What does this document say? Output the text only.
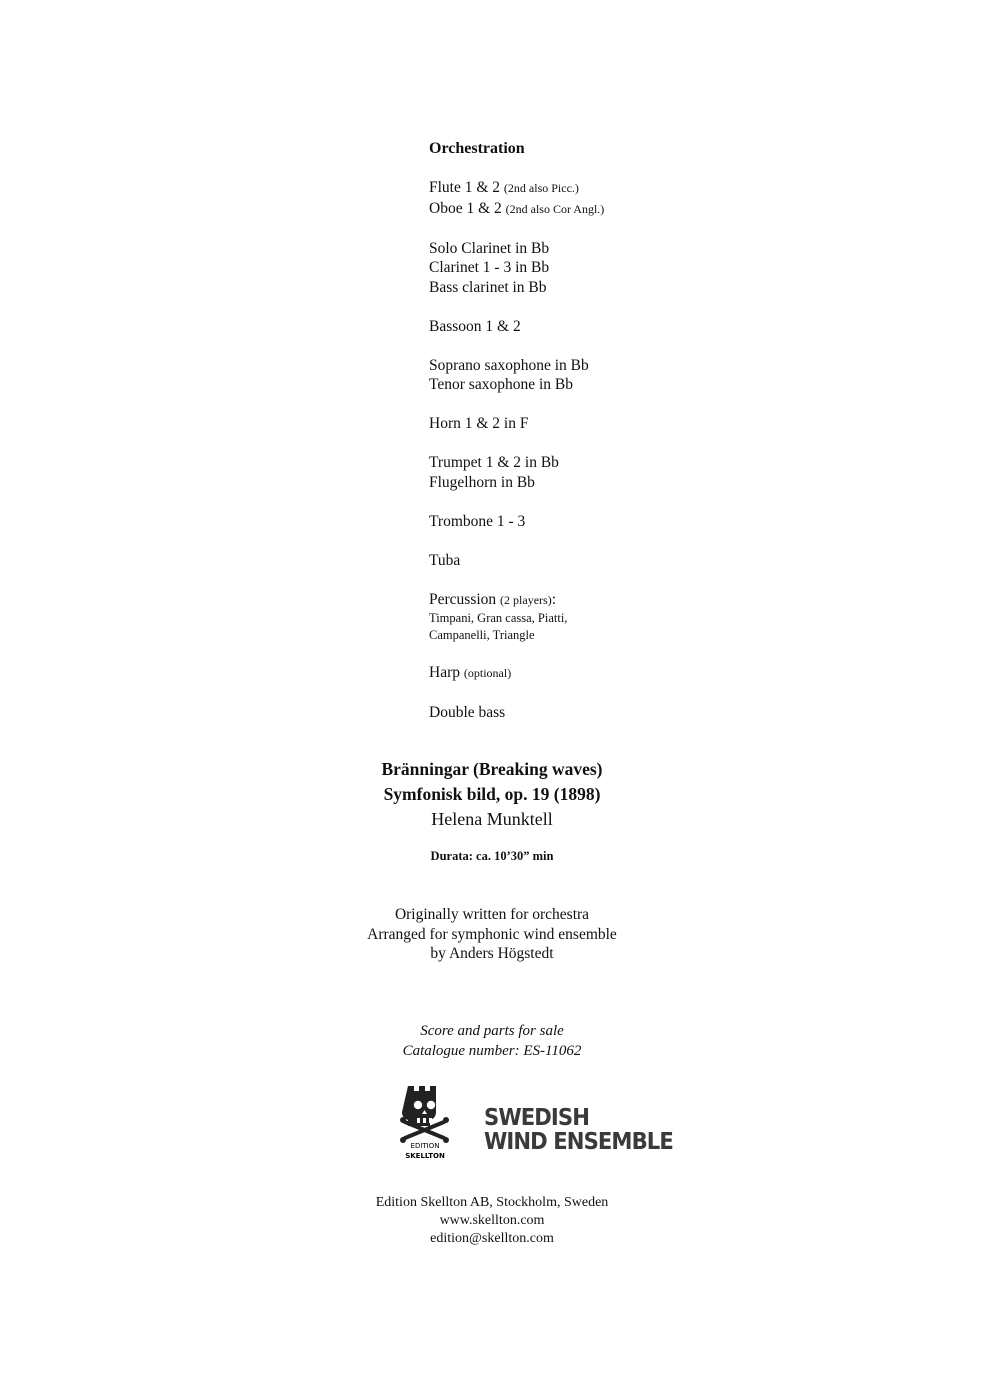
Orchestration
Flute 1 & 2 (2nd also Picc.)
Oboe 1 & 2 (2nd also Cor Angl.)
Solo Clarinet in Bb
Clarinet 1 - 3 in Bb
Bass clarinet in Bb
Bassoon 1 & 2
Soprano saxophone in Bb
Tenor saxophone in Bb
Horn 1 & 2 in F
Trumpet 1 & 2 in Bb
Flugelhorn in Bb
Trombone 1 - 3
Tuba
Percussion (2 players):
Timpani, Gran cassa, Piatti,
Campanelli, Triangle
Harp (optional)
Double bass
Bränningar (Breaking waves)
Symfonisk bild, op. 19 (1898)
Helena Munktell
Durata: ca. 10’30” min
Originally written for orchestra
Arranged for symphonic wind ensemble
by Anders Högstedt
Score and parts for sale
Catalogue number: ES-11062
EDITION
SKELLTON
SWEDISH
WIND ENSEMBLE
Edition Skellton AB, Stockholm, Sweden
www.skellton.com
edition@skellton.com
